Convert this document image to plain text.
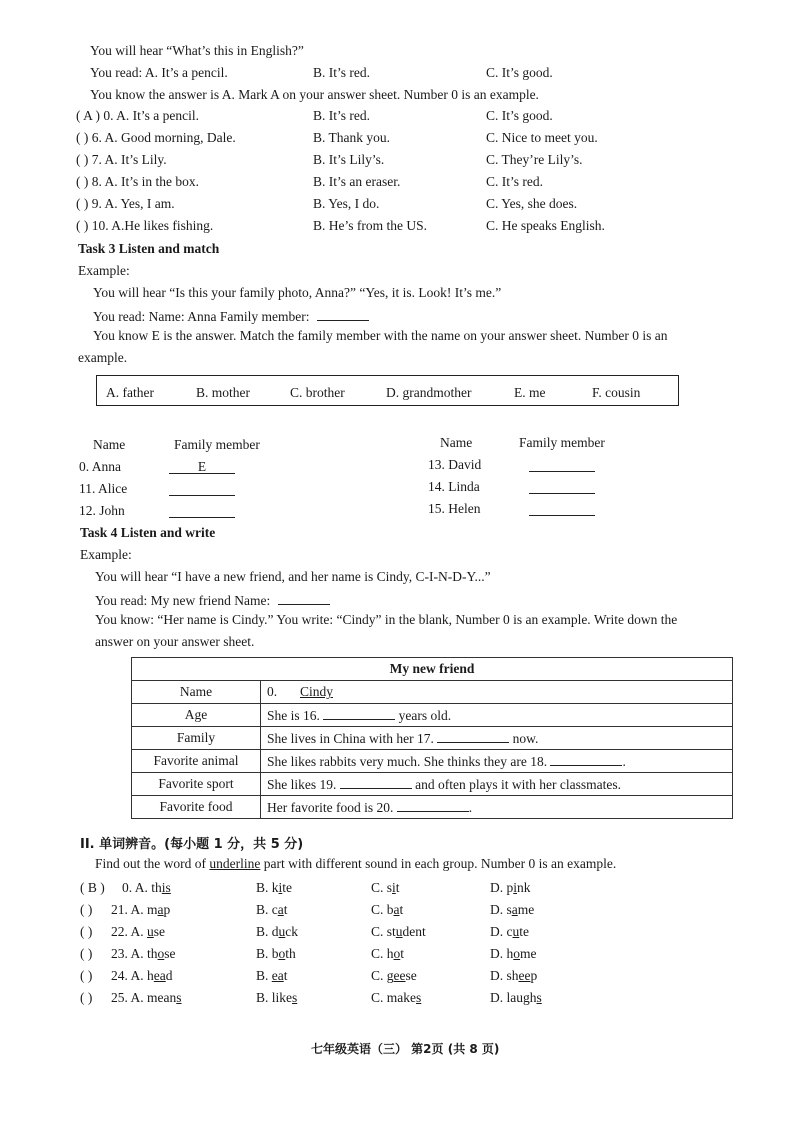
You will hear “What’s this in English?”
You read: A. It’s a pencil.	B. It’s red.	C. It’s good.
You know the answer is A. Mark A on your answer sheet. Number 0 is an example.
( A ) 0. A. It’s a pencil.	B. It’s red.	C. It’s good.
( ) 6. A. Good morning, Dale.	B. Thank you.	C. Nice to meet you.
( ) 7. A. It’s Lily.	B. It’s Lily’s.	C. They’re Lily’s.
( ) 8. A. It’s in the box.	B. It’s an eraser.	C. It’s red.
( ) 9. A. Yes, I am.	B. Yes, I do.	C. Yes, she does.
( ) 10. A.He likes fishing.	B. He’s from the US.	C. He speaks English.
Task 3 Listen and match
Example:
You will hear “Is this your family photo, Anna?” “Yes, it is. Look! It’s me.”
You read: Name: Anna Family member:
You know E is the answer. Match the family member with the name on your answer sheet. Number 0 is an
example.
A. father	B. mother	C. brother	D. grandmother	E. me	F. cousin
Name	Family member	Name	Family member
0. Anna	E
11. Alice
12. John
13. David
14. Linda
15. Helen
Task 4 Listen and write
Example:
You will hear “I have a new friend, and her name is Cindy, C-I-N-D-Y...”
You read: My new friend Name:
You know: “Her name is Cindy.” You write: “Cindy” in the blank, Number 0 is an example. Write down the
answer on your answer sheet.
My new friend	
Name	0. Cindy
Age	She is 16. years old.
Family	She lives in China with her 17. now.
Favorite animal	She likes rabbits very much. She thinks they are 18. .
Favorite sport	She likes 19. and often plays it with her classmates.
Favorite food	Her favorite food is 20. .
II. 单词辨音。(每小题 1 分，共 5 分)
Find out the word of underline part with different sound in each group. Number 0 is an example.
( B ) 0. A. this	B. kite	C. sit	D. pink
( ) 21. A. map	B. cat	C. bat	D. same
( ) 22. A. use	B. duck	C. student	D. cute
( ) 23. A. those	B. both	C. hot	D. home
( ) 24. A. head	B. eat	C. geese	D. sheep
( ) 25. A. means	B. likes	C. makes	D. laughs
七年级英语（三） 第2页 (共 8 页)
